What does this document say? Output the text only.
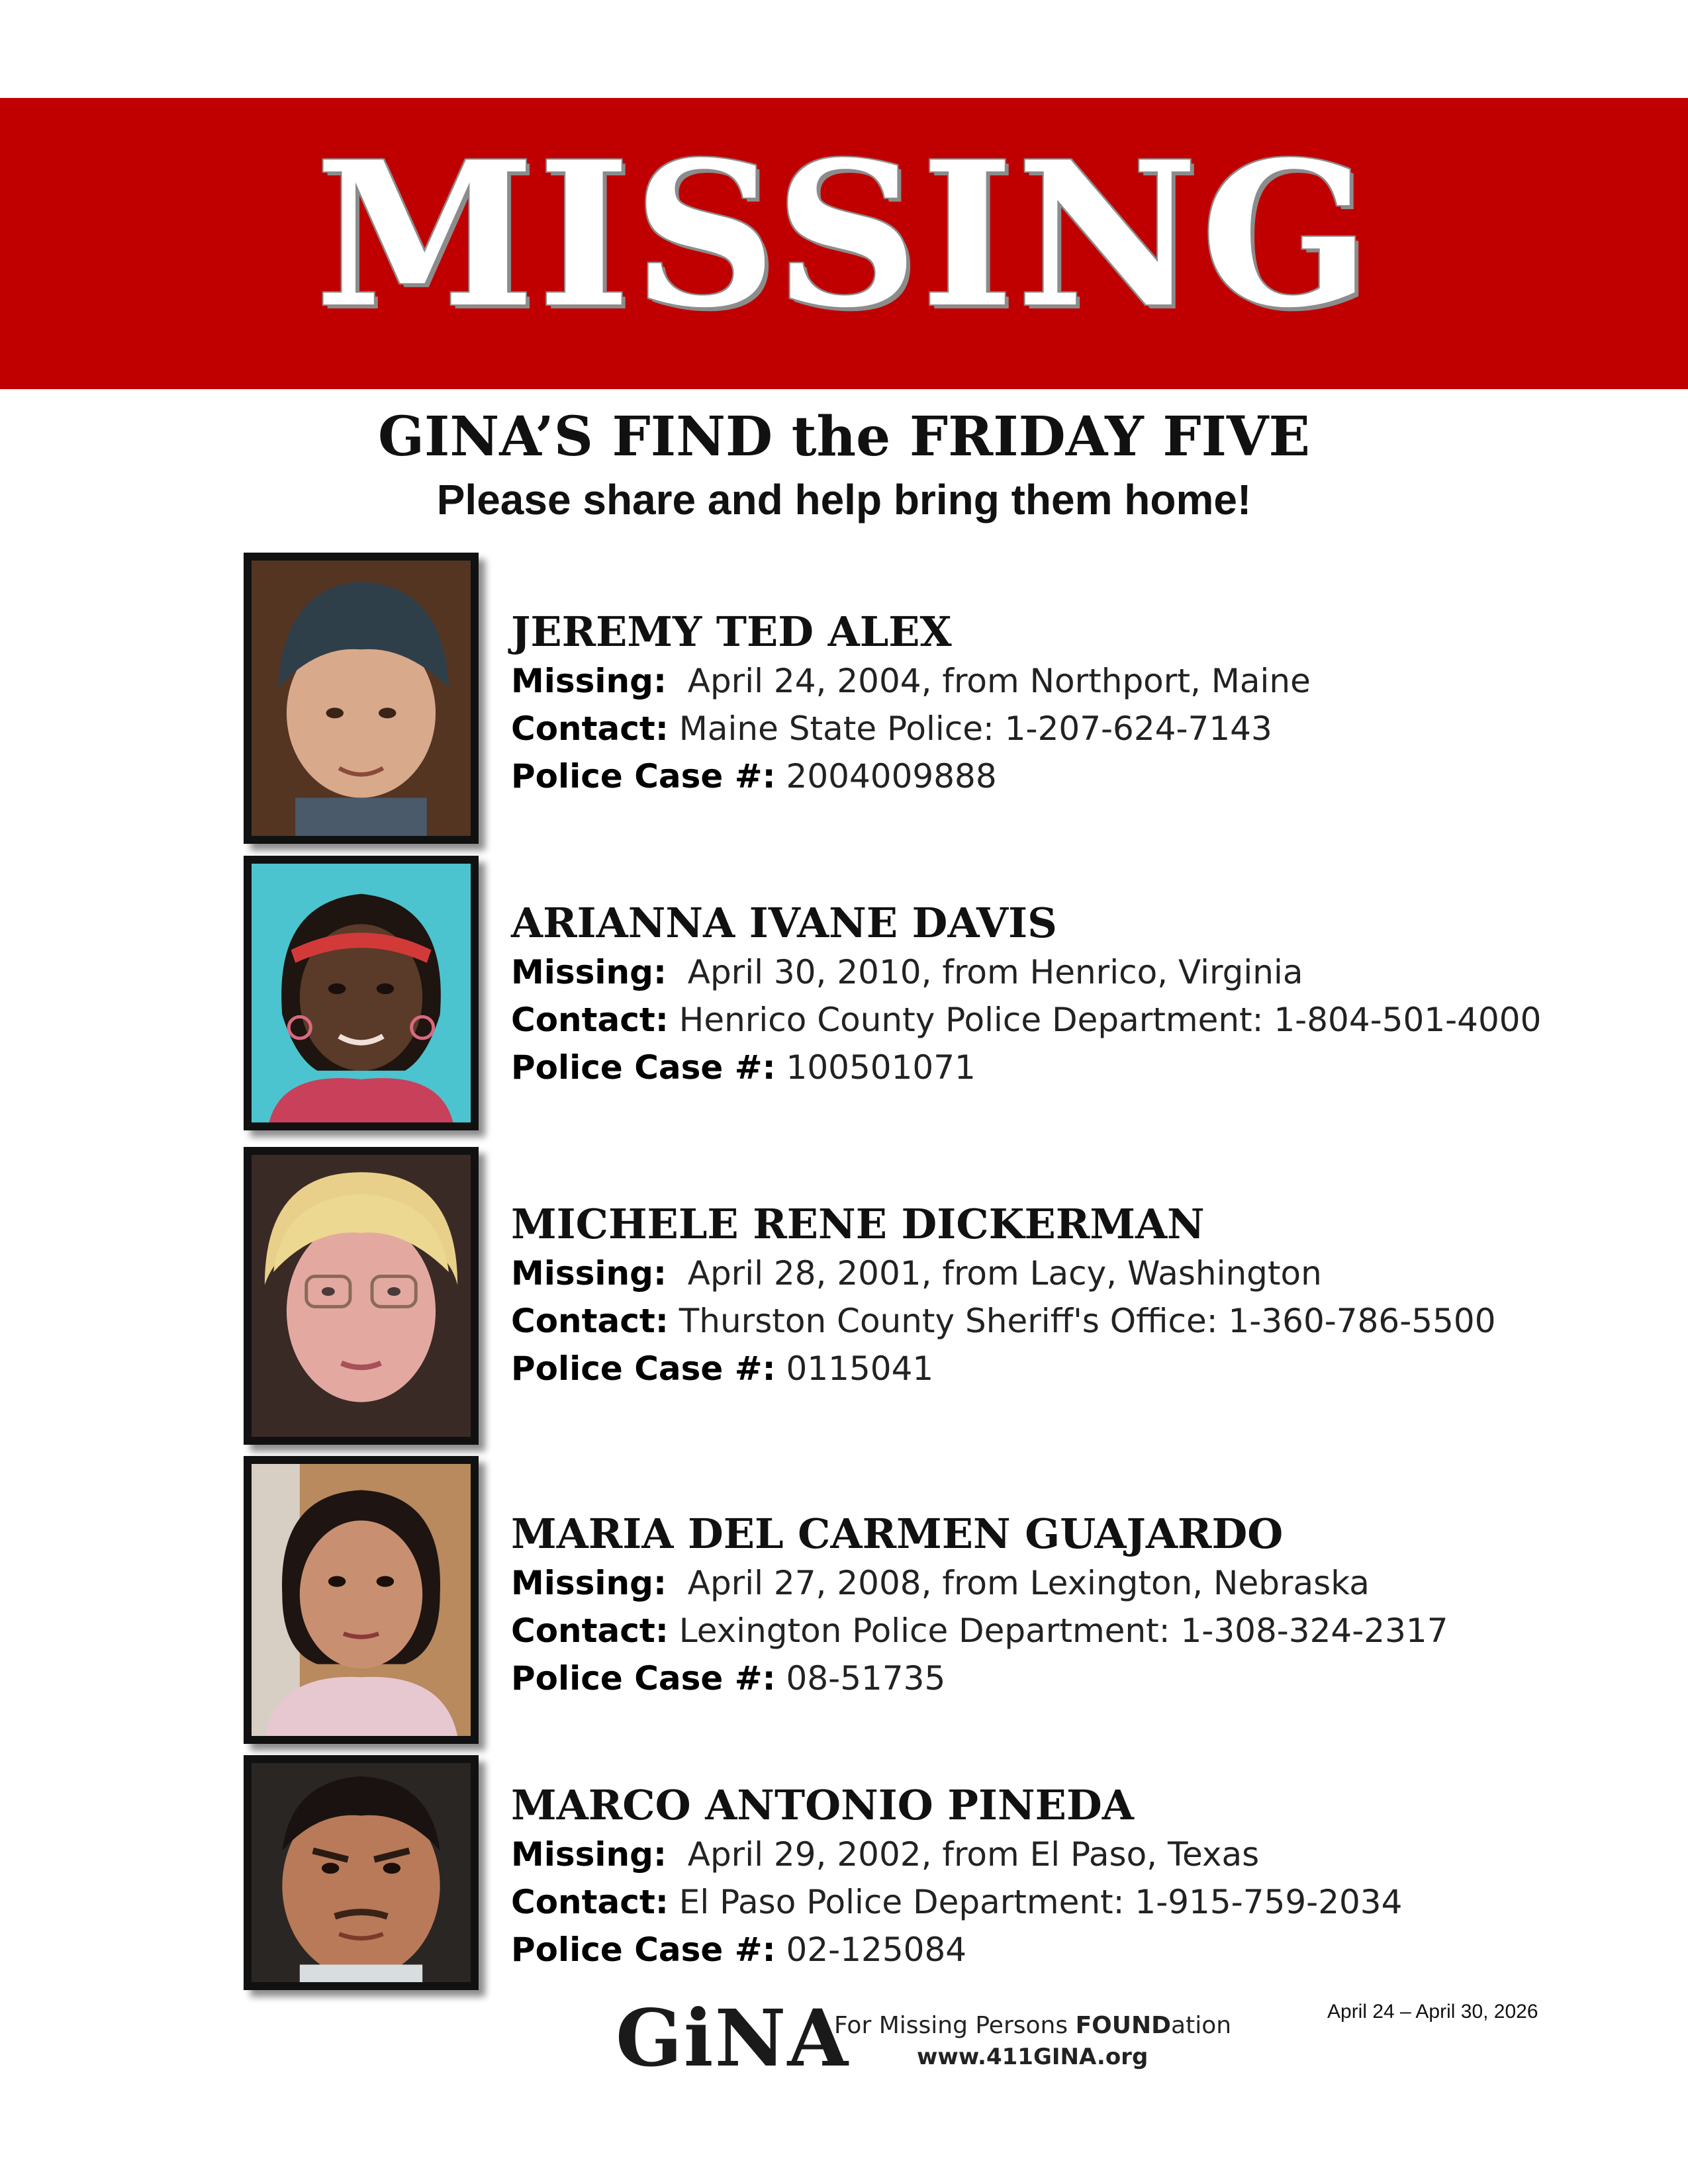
MISSING
GINA’S FIND the FRIDAY FIVE
Please share and help bring them home!
JEREMY TED ALEX
Missing: April 24, 2004, from Northport, Maine
Contact: Maine State Police: 1-207-624-7143
Police Case #: 2004009888
ARIANNA IVANE DAVIS
Missing: April 30, 2010, from Henrico, Virginia
Contact: Henrico County Police Department: 1-804-501-4000
Police Case #: 100501071
MICHELE RENE DICKERMAN
Missing: April 28, 2001, from Lacy, Washington
Contact: Thurston County Sheriff's Office: 1-360-786-5500
Police Case #: 0115041
MARIA DEL CARMEN GUAJARDO
Missing: April 27, 2008, from Lexington, Nebraska
Contact: Lexington Police Department: 1-308-324-2317
Police Case #: 08-51735
MARCO ANTONIO PINEDA
Missing: April 29, 2002, from El Paso, Texas
Contact: El Paso Police Department: 1-915-759-2034
Police Case #: 02-125084
GiNA
For Missing Persons FOUNDation
www.411GINA.org
April 24 – April 30, 2026
